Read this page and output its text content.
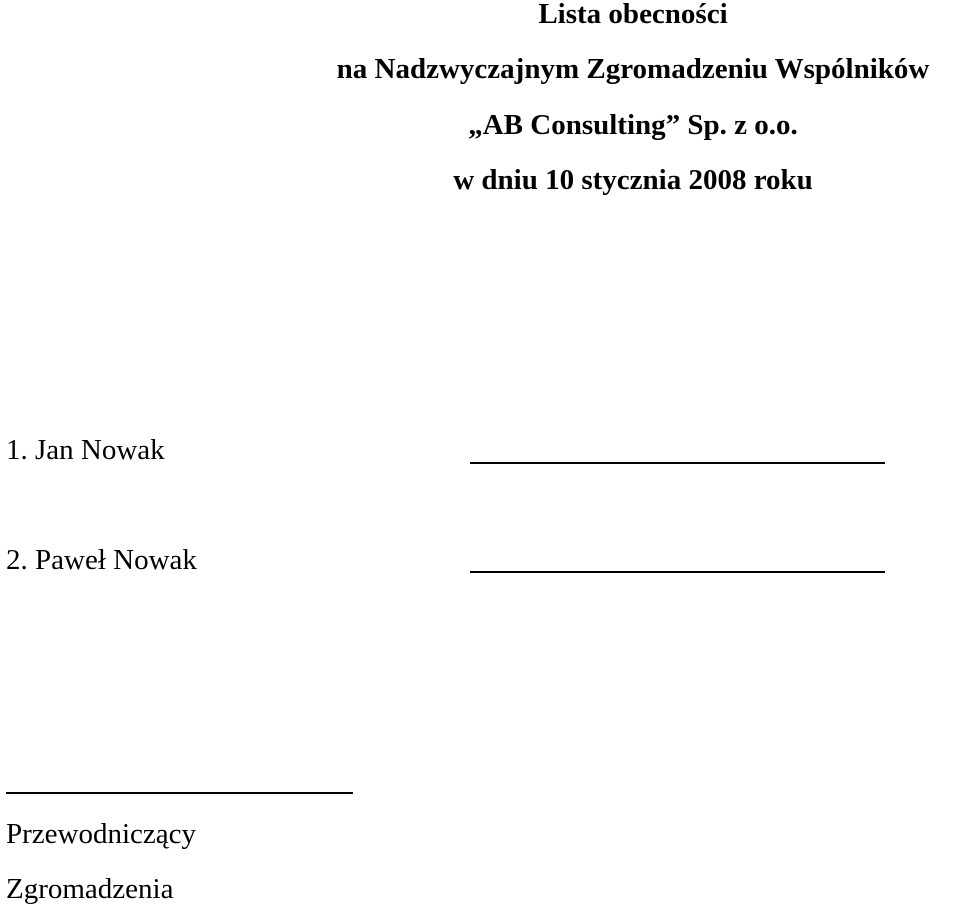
Lista obecności
na Nadzwyczajnym Zgromadzeniu Wspólników
„AB Consulting” Sp. z o.o.
w dniu 10 stycznia 2008 roku
1. Jan Nowak
2. Paweł Nowak
Przewodniczący
Zgromadzenia
